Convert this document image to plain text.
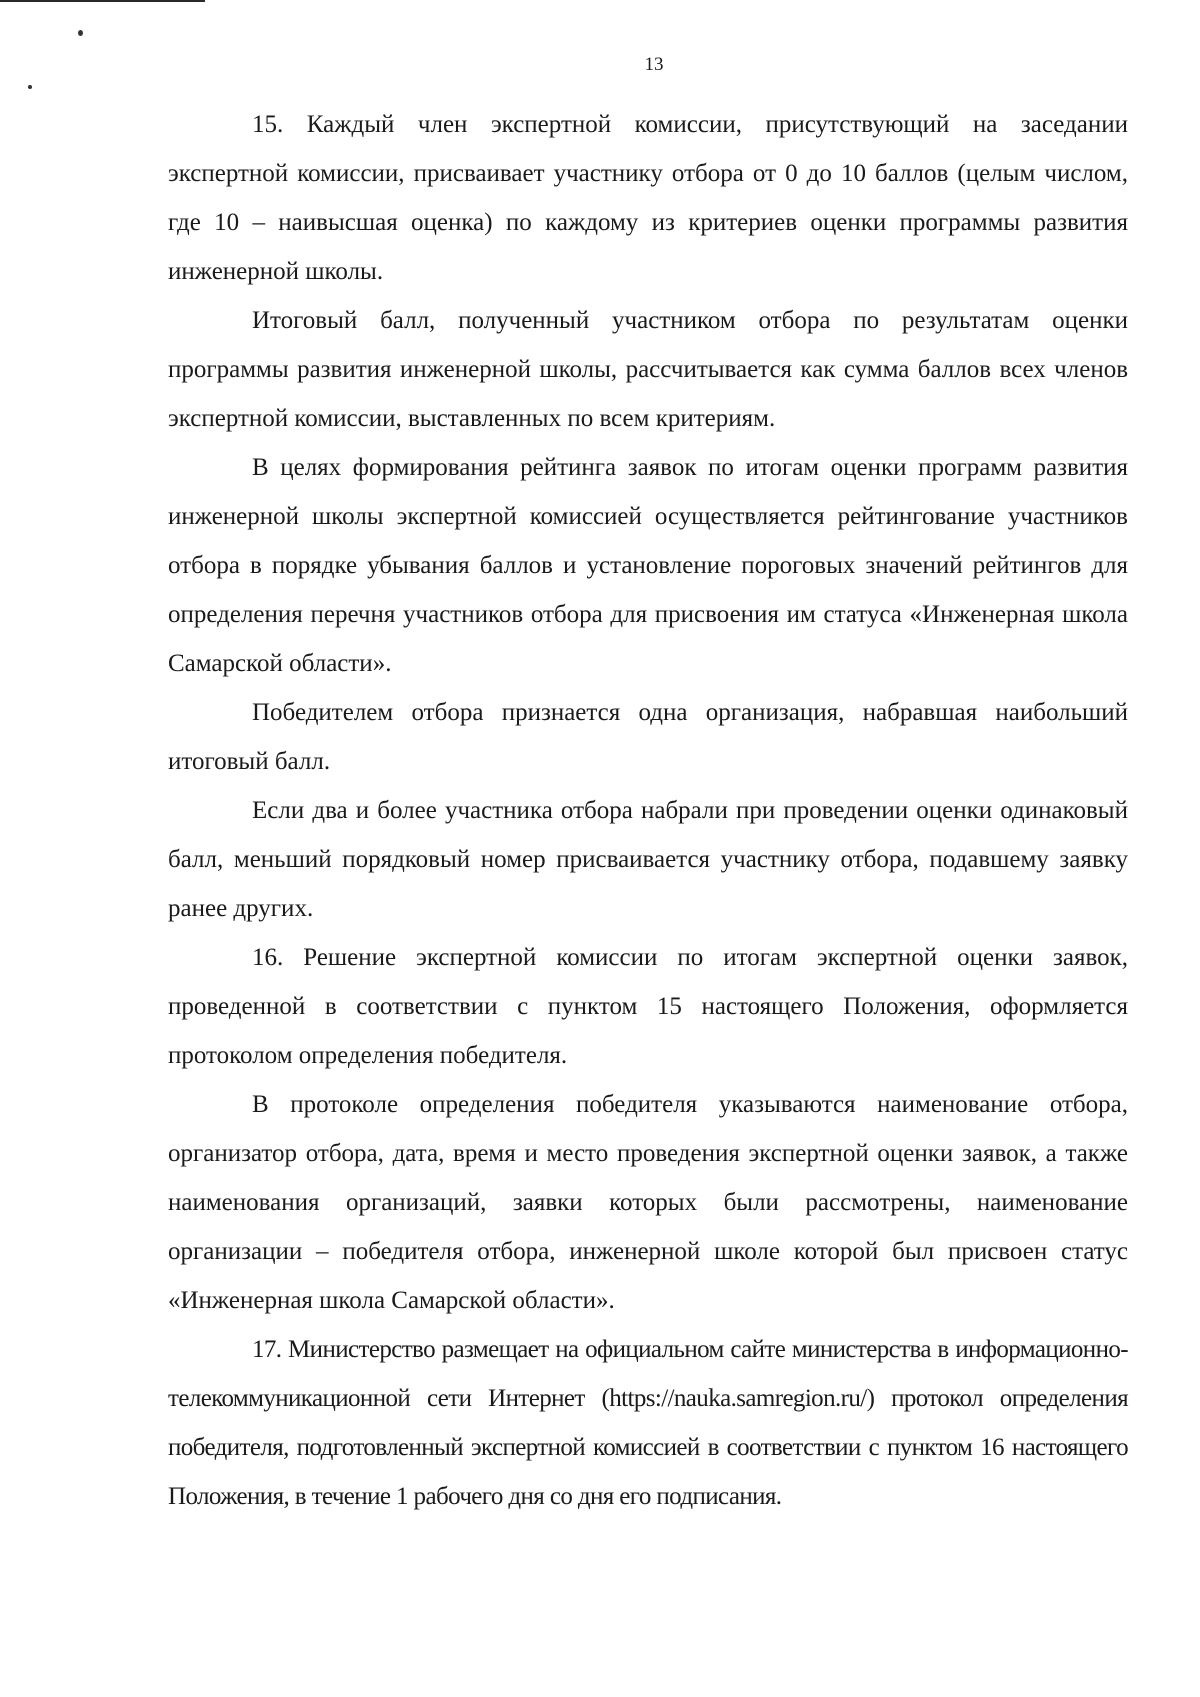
13

15. Каждый член экспертной комиссии, присутствующий на заседании экспертной комиссии, присваивает участнику отбора от 0 до 10 баллов (целым числом, где 10 – наивысшая оценка) по каждому из критериев оценки программы развития инженерной школы.

Итоговый балл, полученный участником отбора по результатам оценки программы развития инженерной школы, рассчитывается как сумма баллов всех членов экспертной комиссии, выставленных по всем критериям.

В целях формирования рейтинга заявок по итогам оценки программ развития инженерной школы экспертной комиссией осуществляется рейтингование участников отбора в порядке убывания баллов и установление пороговых значений рейтингов для определения перечня участников отбора для присвоения им статуса «Инженерная школа Самарской области».

Победителем отбора признается одна организация, набравшая наибольший итоговый балл.

Если два и более участника отбора набрали при проведении оценки одинаковый балл, меньший порядковый номер присваивается участнику отбора, подавшему заявку ранее других.

16. Решение экспертной комиссии по итогам экспертной оценки заявок, проведенной в соответствии с пунктом 15 настоящего Положения, оформляется протоколом определения победителя.

В протоколе определения победителя указываются наименование отбора, организатор отбора, дата, время и место проведения экспертной оценки заявок, а также наименования организаций, заявки которых были рассмотрены, наименование организации – победителя отбора, инженерной школе которой был присвоен статус «Инженерная школа Самарской области».

17. Министерство размещает на официальном сайте министерства в информационно-телекоммуникационной сети Интернет (https://nauka.samregion.ru/) протокол определения победителя, подготовленный экспертной комиссией в соответствии с пунктом 16 настоящего Положения, в течение 1 рабочего дня со дня его подписания.
